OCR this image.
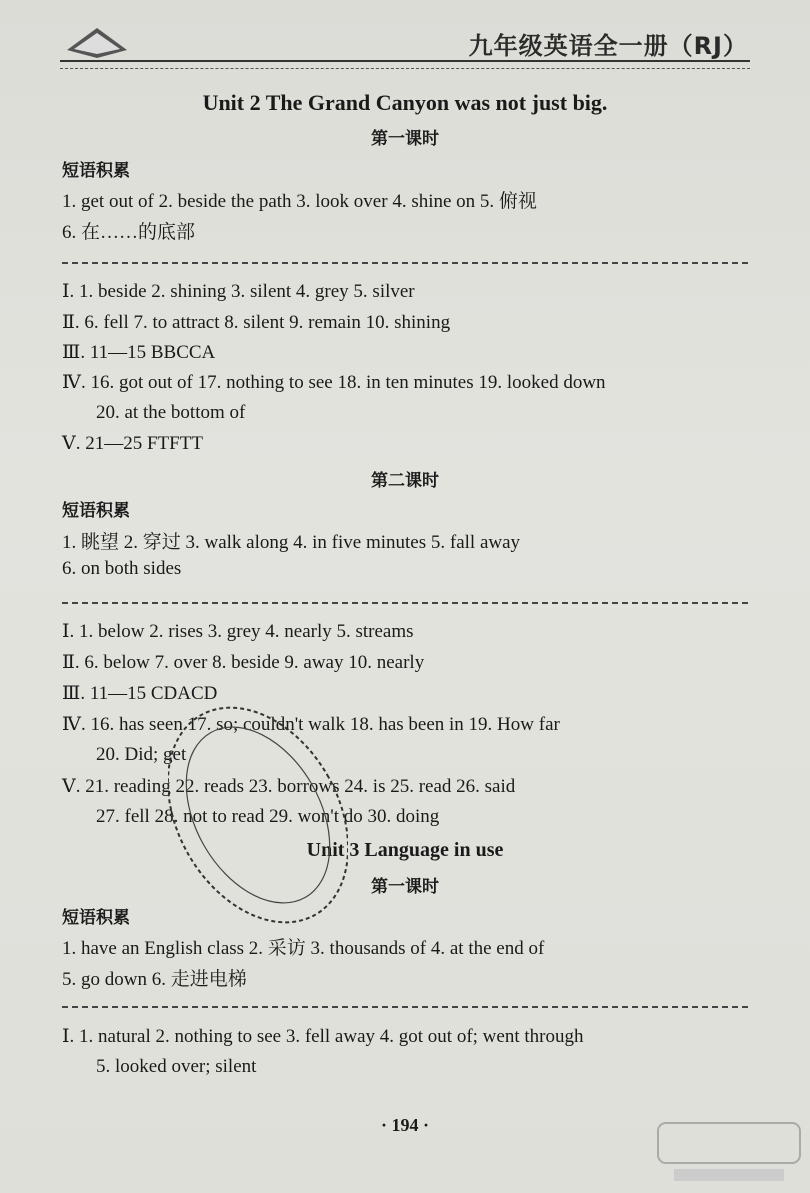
九年级英语全一册（RJ）
Unit 2 The Grand Canyon was not just big.
第一课时
短语积累
1. get out of 2. beside the path 3. look over 4. shine on 5. 俯视
6. 在……的底部
Ⅰ. 1. beside 2. shining 3. silent 4. grey 5. silver
Ⅱ. 6. fell 7. to attract 8. silent 9. remain 10. shining
Ⅲ. 11—15 BBCCA
Ⅳ. 16. got out of 17. nothing to see 18. in ten minutes 19. looked down
20. at the bottom of
Ⅴ. 21—25 FTFTT
第二课时
短语积累
1. 眺望 2. 穿过 3. walk along 4. in five minutes 5. fall away
6. on both sides
Ⅰ. 1. below 2. rises 3. grey 4. nearly 5. streams
Ⅱ. 6. below 7. over 8. beside 9. away 10. nearly
Ⅲ. 11—15 CDACD
Ⅳ. 16. has seen 17. so; couldn't walk 18. has been in 19. How far
20. Did; get
Ⅴ. 21. reading 22. reads 23. borrows 24. is 25. read 26. said
27. fell 28. not to read 29. won't do 30. doing
Unit 3 Language in use
第一课时
短语积累
1. have an English class 2. 采访 3. thousands of 4. at the end of
5. go down 6. 走进电梯
Ⅰ. 1. natural 2. nothing to see 3. fell away 4. got out of; went through
5. looked over; silent
· 194 ·
